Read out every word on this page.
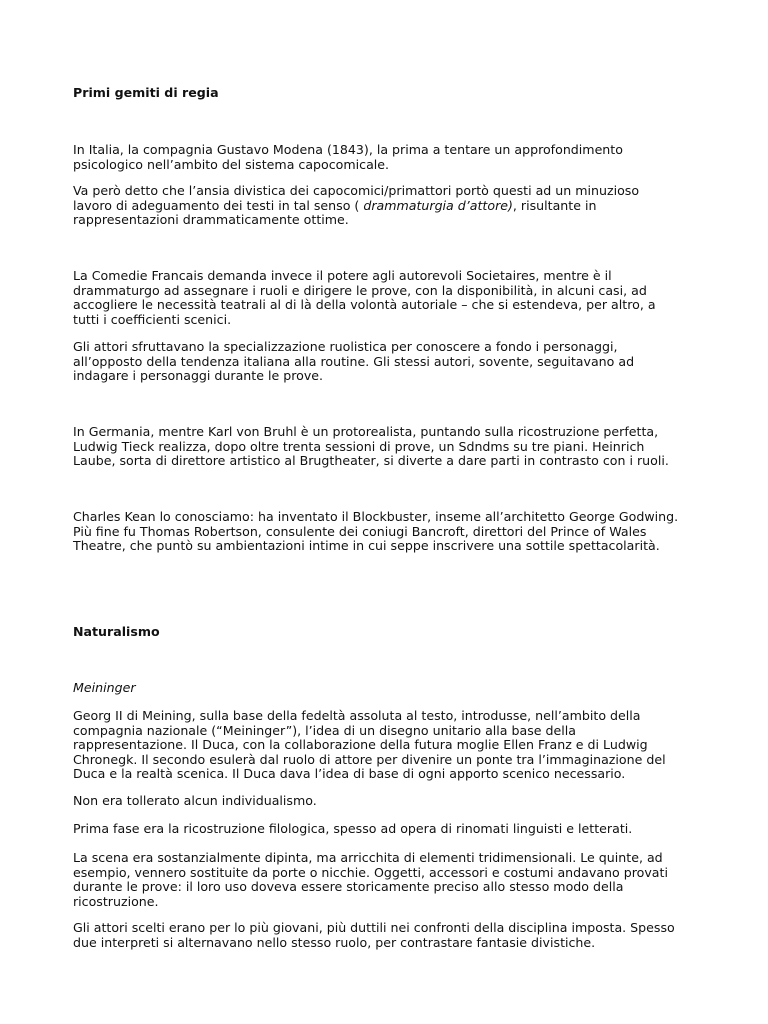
Primi gemiti di regia

In Italia, la compagnia Gustavo Modena (1843), la prima a tentare un approfondimento
psicologico nell’ambito del sistema capocomicale.

Va però detto che l’ansia divistica dei capocomici/primattori portò questi ad un minuzioso
lavoro di adeguamento dei testi in tal senso ( drammaturgia d’attore), risultante in
rappresentazioni drammaticamente ottime.

La Comedie Francais demanda invece il potere agli autorevoli Societaires, mentre è il
drammaturgo ad assegnare i ruoli e dirigere le prove, con la disponibilità, in alcuni casi, ad
accogliere le necessità teatrali al di là della volontà autoriale – che si estendeva, per altro, a
tutti i coefficienti scenici.

Gli attori sfruttavano la specializzazione ruolistica per conoscere a fondo i personaggi,
all’opposto della tendenza italiana alla routine. Gli stessi autori, sovente, seguitavano ad
indagare i personaggi durante le prove.

In Germania, mentre Karl von Bruhl è un protorealista, puntando sulla ricostruzione perfetta,
Ludwig Tieck realizza, dopo oltre trenta sessioni di prove, un Sdndms su tre piani. Heinrich
Laube, sorta di direttore artistico al Brugtheater, si diverte a dare parti in contrasto con i ruoli.

Charles Kean lo conosciamo: ha inventato il Blockbuster, inseme all’architetto George Godwing.
Più fine fu Thomas Robertson, consulente dei coniugi Bancroft, direttori del Prince of Wales
Theatre, che puntò su ambientazioni intime in cui seppe inscrivere una sottile spettacolarità.

Naturalismo

Meininger

Georg II di Meining, sulla base della fedeltà assoluta al testo, introdusse, nell’ambito della
compagnia nazionale (“Meininger”), l’idea di un disegno unitario alla base della
rappresentazione. Il Duca, con la collaborazione della futura moglie Ellen Franz e di Ludwig
Chronegk. Il secondo esulerà dal ruolo di attore per divenire un ponte tra l’immaginazione del
Duca e la realtà scenica. Il Duca dava l’idea di base di ogni apporto scenico necessario.

Non era tollerato alcun individualismo.

Prima fase era la ricostruzione filologica, spesso ad opera di rinomati linguisti e letterati.

La scena era sostanzialmente dipinta, ma arricchita di elementi tridimensionali. Le quinte, ad
esempio, vennero sostituite da porte o nicchie. Oggetti, accessori e costumi andavano provati
durante le prove: il loro uso doveva essere storicamente preciso allo stesso modo della
ricostruzione.

Gli attori scelti erano per lo più giovani, più duttili nei confronti della disciplina imposta. Spesso
due interpreti si alternavano nello stesso ruolo, per contrastare fantasie divistiche.
